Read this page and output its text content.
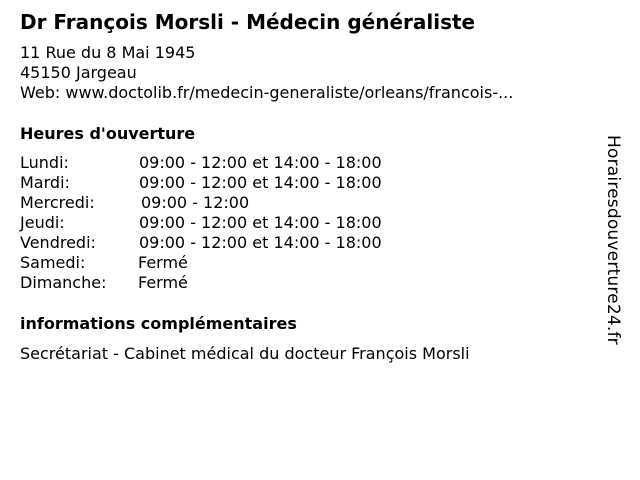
Dr François Morsli - Médecin généraliste
11 Rue du 8 Mai 1945
45150 Jargeau
Web: www.doctolib.fr/medecin-generaliste/orleans/francois-...
Heures d'ouverture
Lundi:	09:00 - 12:00 et 14:00 - 18:00
Mardi:	09:00 - 12:00 et 14:00 - 18:00
Mercredi:	09:00 - 12:00
Jeudi:	09:00 - 12:00 et 14:00 - 18:00
Vendredi:	09:00 - 12:00 et 14:00 - 18:00
Samedi:	Fermé
Dimanche: Fermé
informations complémentaires
Secrétariat - Cabinet médical du docteur François Morsli
Horairesdouverture24.fr
